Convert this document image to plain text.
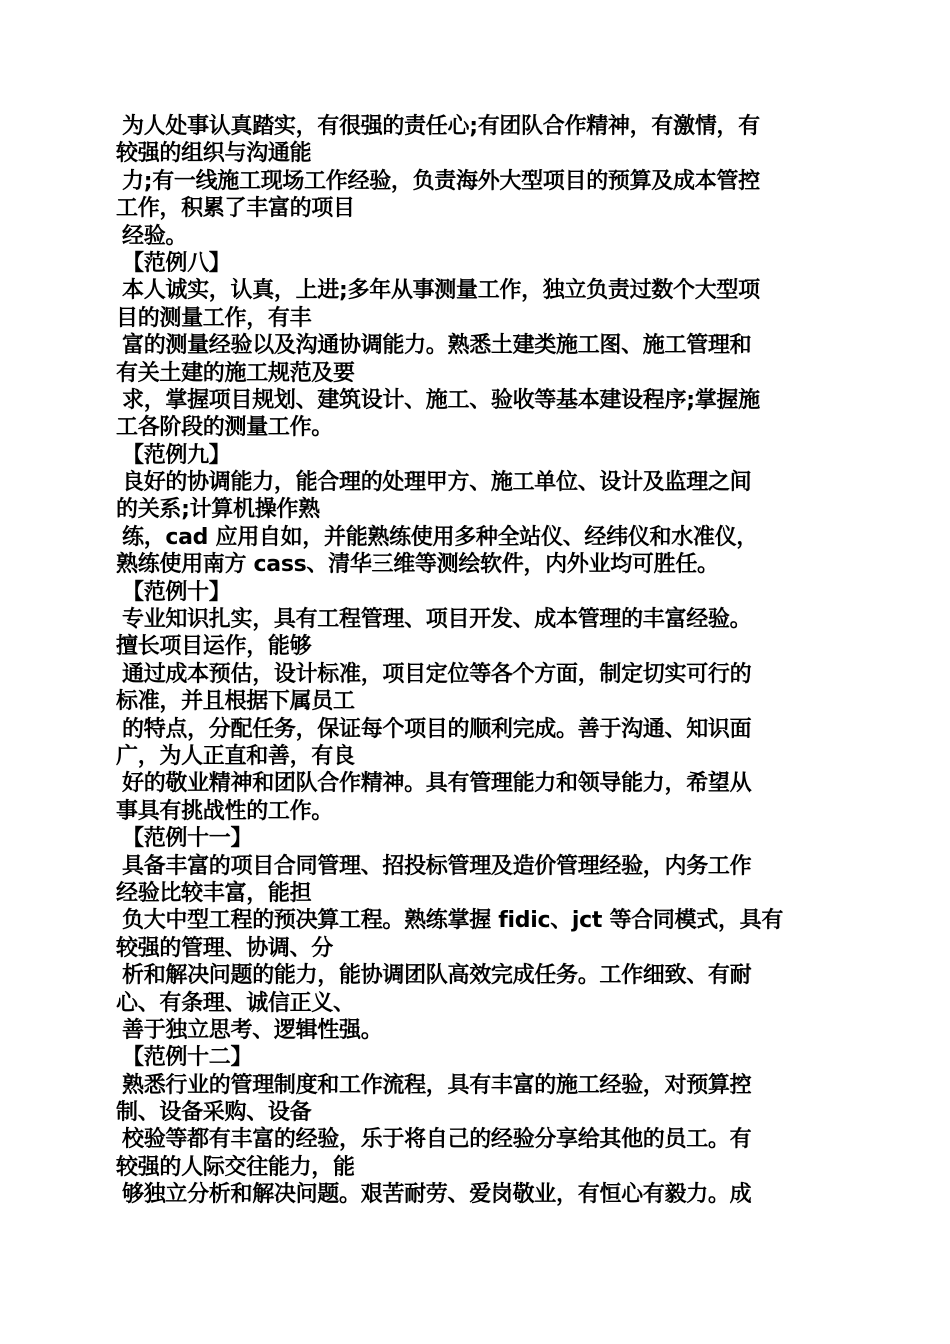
为人处事认真踏实，有很强的责任心;有团队合作精神，有激情，有
较强的组织与沟通能
力;有一线施工现场工作经验，负责海外大型项目的预算及成本管控
工作，积累了丰富的项目
经验。
【范例八】
本人诚实，认真，上进;多年从事测量工作，独立负责过数个大型项
目的测量工作，有丰
富的测量经验以及沟通协调能力。熟悉土建类施工图、施工管理和
有关土建的施工规范及要
求，掌握项目规划、建筑设计、施工、验收等基本建设程序;掌握施
工各阶段的测量工作。
【范例九】
良好的协调能力，能合理的处理甲方、施工单位、设计及监理之间
的关系;计算机操作熟
练，cad 应用自如，并能熟练使用多种全站仪、经纬仪和水准仪，
熟练使用南方 cass、清华三维等测绘软件，内外业均可胜任。
【范例十】
专业知识扎实，具有工程管理、项目开发、成本管理的丰富经验。
擅长项目运作，能够
通过成本预估，设计标准，项目定位等各个方面，制定切实可行的
标准，并且根据下属员工
的特点，分配任务，保证每个项目的顺利完成。善于沟通、知识面
广，为人正直和善，有良
好的敬业精神和团队合作精神。具有管理能力和领导能力，希望从
事具有挑战性的工作。
【范例十一】
具备丰富的项目合同管理、招投标管理及造价管理经验，内务工作
经验比较丰富，能担
负大中型工程的预决算工程。熟练掌握 fidic、jct 等合同模式，具有
较强的管理、协调、分
析和解决问题的能力，能协调团队高效完成任务。工作细致、有耐
心、有条理、诚信正义、
善于独立思考、逻辑性强。
【范例十二】
熟悉行业的管理制度和工作流程，具有丰富的施工经验，对预算控
制、设备采购、设备
校验等都有丰富的经验，乐于将自己的经验分享给其他的员工。有
较强的人际交往能力，能
够独立分析和解决问题。艰苦耐劳、爱岗敬业，有恒心有毅力。成
